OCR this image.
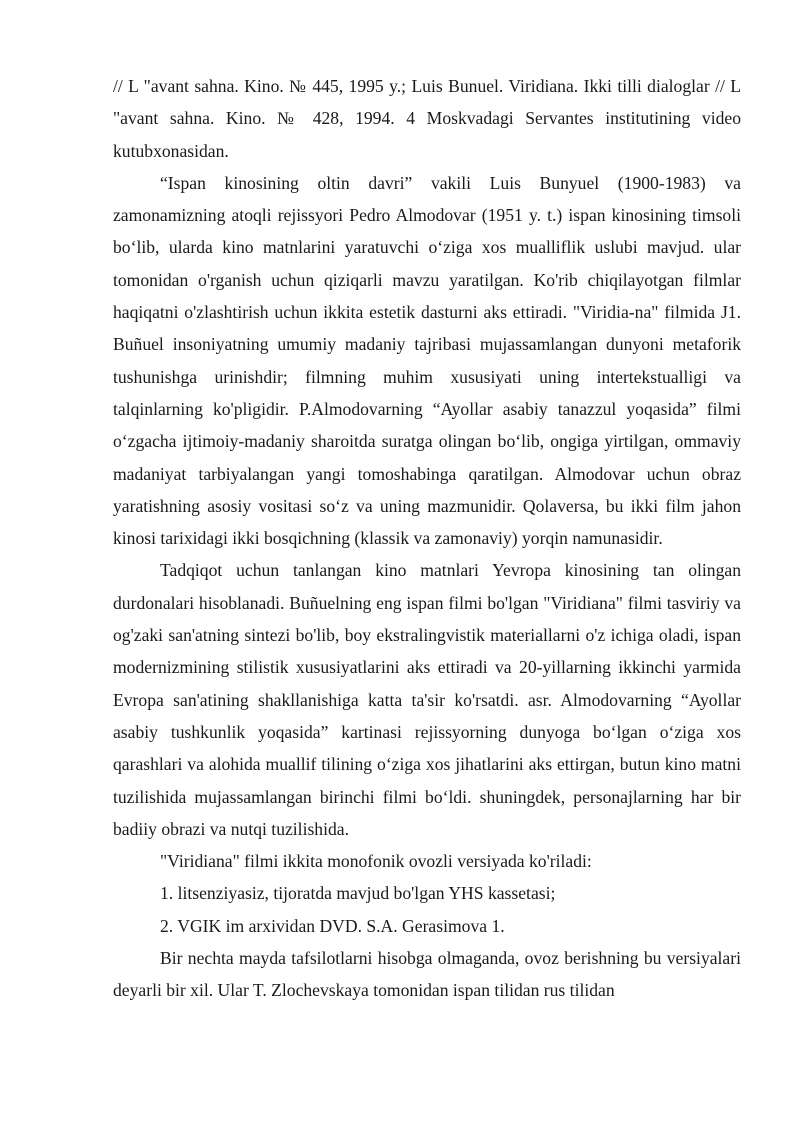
// L "avant sahna. Kino. № 445, 1995 y.; Luis Bunuel. Viridiana. Ikki tilli dialoglar // L "avant sahna. Kino. № 428, 1994. 4 Moskvadagi Servantes institutining video kutubxonasidan.

“Ispan kinosining oltin davri” vakili Luis Bunyuel (1900-1983) va zamonamizning atoqli rejissyori Pedro Almodovar (1951 y. t.) ispan kinosining timsoli bo‘lib, ularda kino matnlarini yaratuvchi o‘ziga xos mualliflik uslubi mavjud. ular tomonidan o'rganish uchun qiziqarli mavzu yaratilgan. Ko'rib chiqilayotgan filmlar haqiqatni o'zlashtirish uchun ikkita estetik dasturni aks ettiradi. "Viridia-na" filmida J1. Buñuel insoniyatning umumiy madaniy tajribasi mujassamlangan dunyoni metaforik tushunishga urinishdir; filmning muhim xususiyati uning intertekstualligi va talqinlarning ko'pligidir. P.Almodovarning “Ayollar asabiy tanazzul yoqasida” filmi o‘zgacha ijtimoiy-madaniy sharoitda suratga olingan bo‘lib, ongiga yirtilgan, ommaviy madaniyat tarbiyalangan yangi tomoshabinga qaratilgan. Almodovar uchun obraz yaratishning asosiy vositasi so‘z va uning mazmunidir. Qolaversa, bu ikki film jahon kinosi tarixidagi ikki bosqichning (klassik va zamonaviy) yorqin namunasidir.

Tadqiqot uchun tanlangan kino matnlari Yevropa kinosining tan olingan durdonalari hisoblanadi. Buñuelning eng ispan filmi bo'lgan "Viridiana" filmi tasviriy va og'zaki san'atning sintezi bo'lib, boy ekstralingvistik materiallarni o'z ichiga oladi, ispan modernizmining stilistik xususiyatlarini aks ettiradi va 20-yillarning ikkinchi yarmida Evropa san'atining shakllanishiga katta ta'sir ko'rsatdi. asr. Almodovarning “Ayollar asabiy tushkunlik yoqasida” kartinasi rejissyorning dunyoga bo‘lgan o‘ziga xos qarashlari va alohida muallif tilining o‘ziga xos jihatlarini aks ettirgan, butun kino matni tuzilishida mujassamlangan birinchi filmi bo‘ldi. shuningdek, personajlarning har bir badiiy obrazi va nutqi tuzilishida.

"Viridiana" filmi ikkita monofonik ovozli versiyada ko'riladi:

1. litsenziyasiz, tijoratda mavjud bo'lgan YHS kassetasi;

2. VGIK im arxividan DVD. S.A. Gerasimova 1.

Bir nechta mayda tafsilotlarni hisobga olmaganda, ovoz berishning bu versiyalari deyarli bir xil. Ular T. Zlochevskaya tomonidan ispan tilidan rus tilidan
